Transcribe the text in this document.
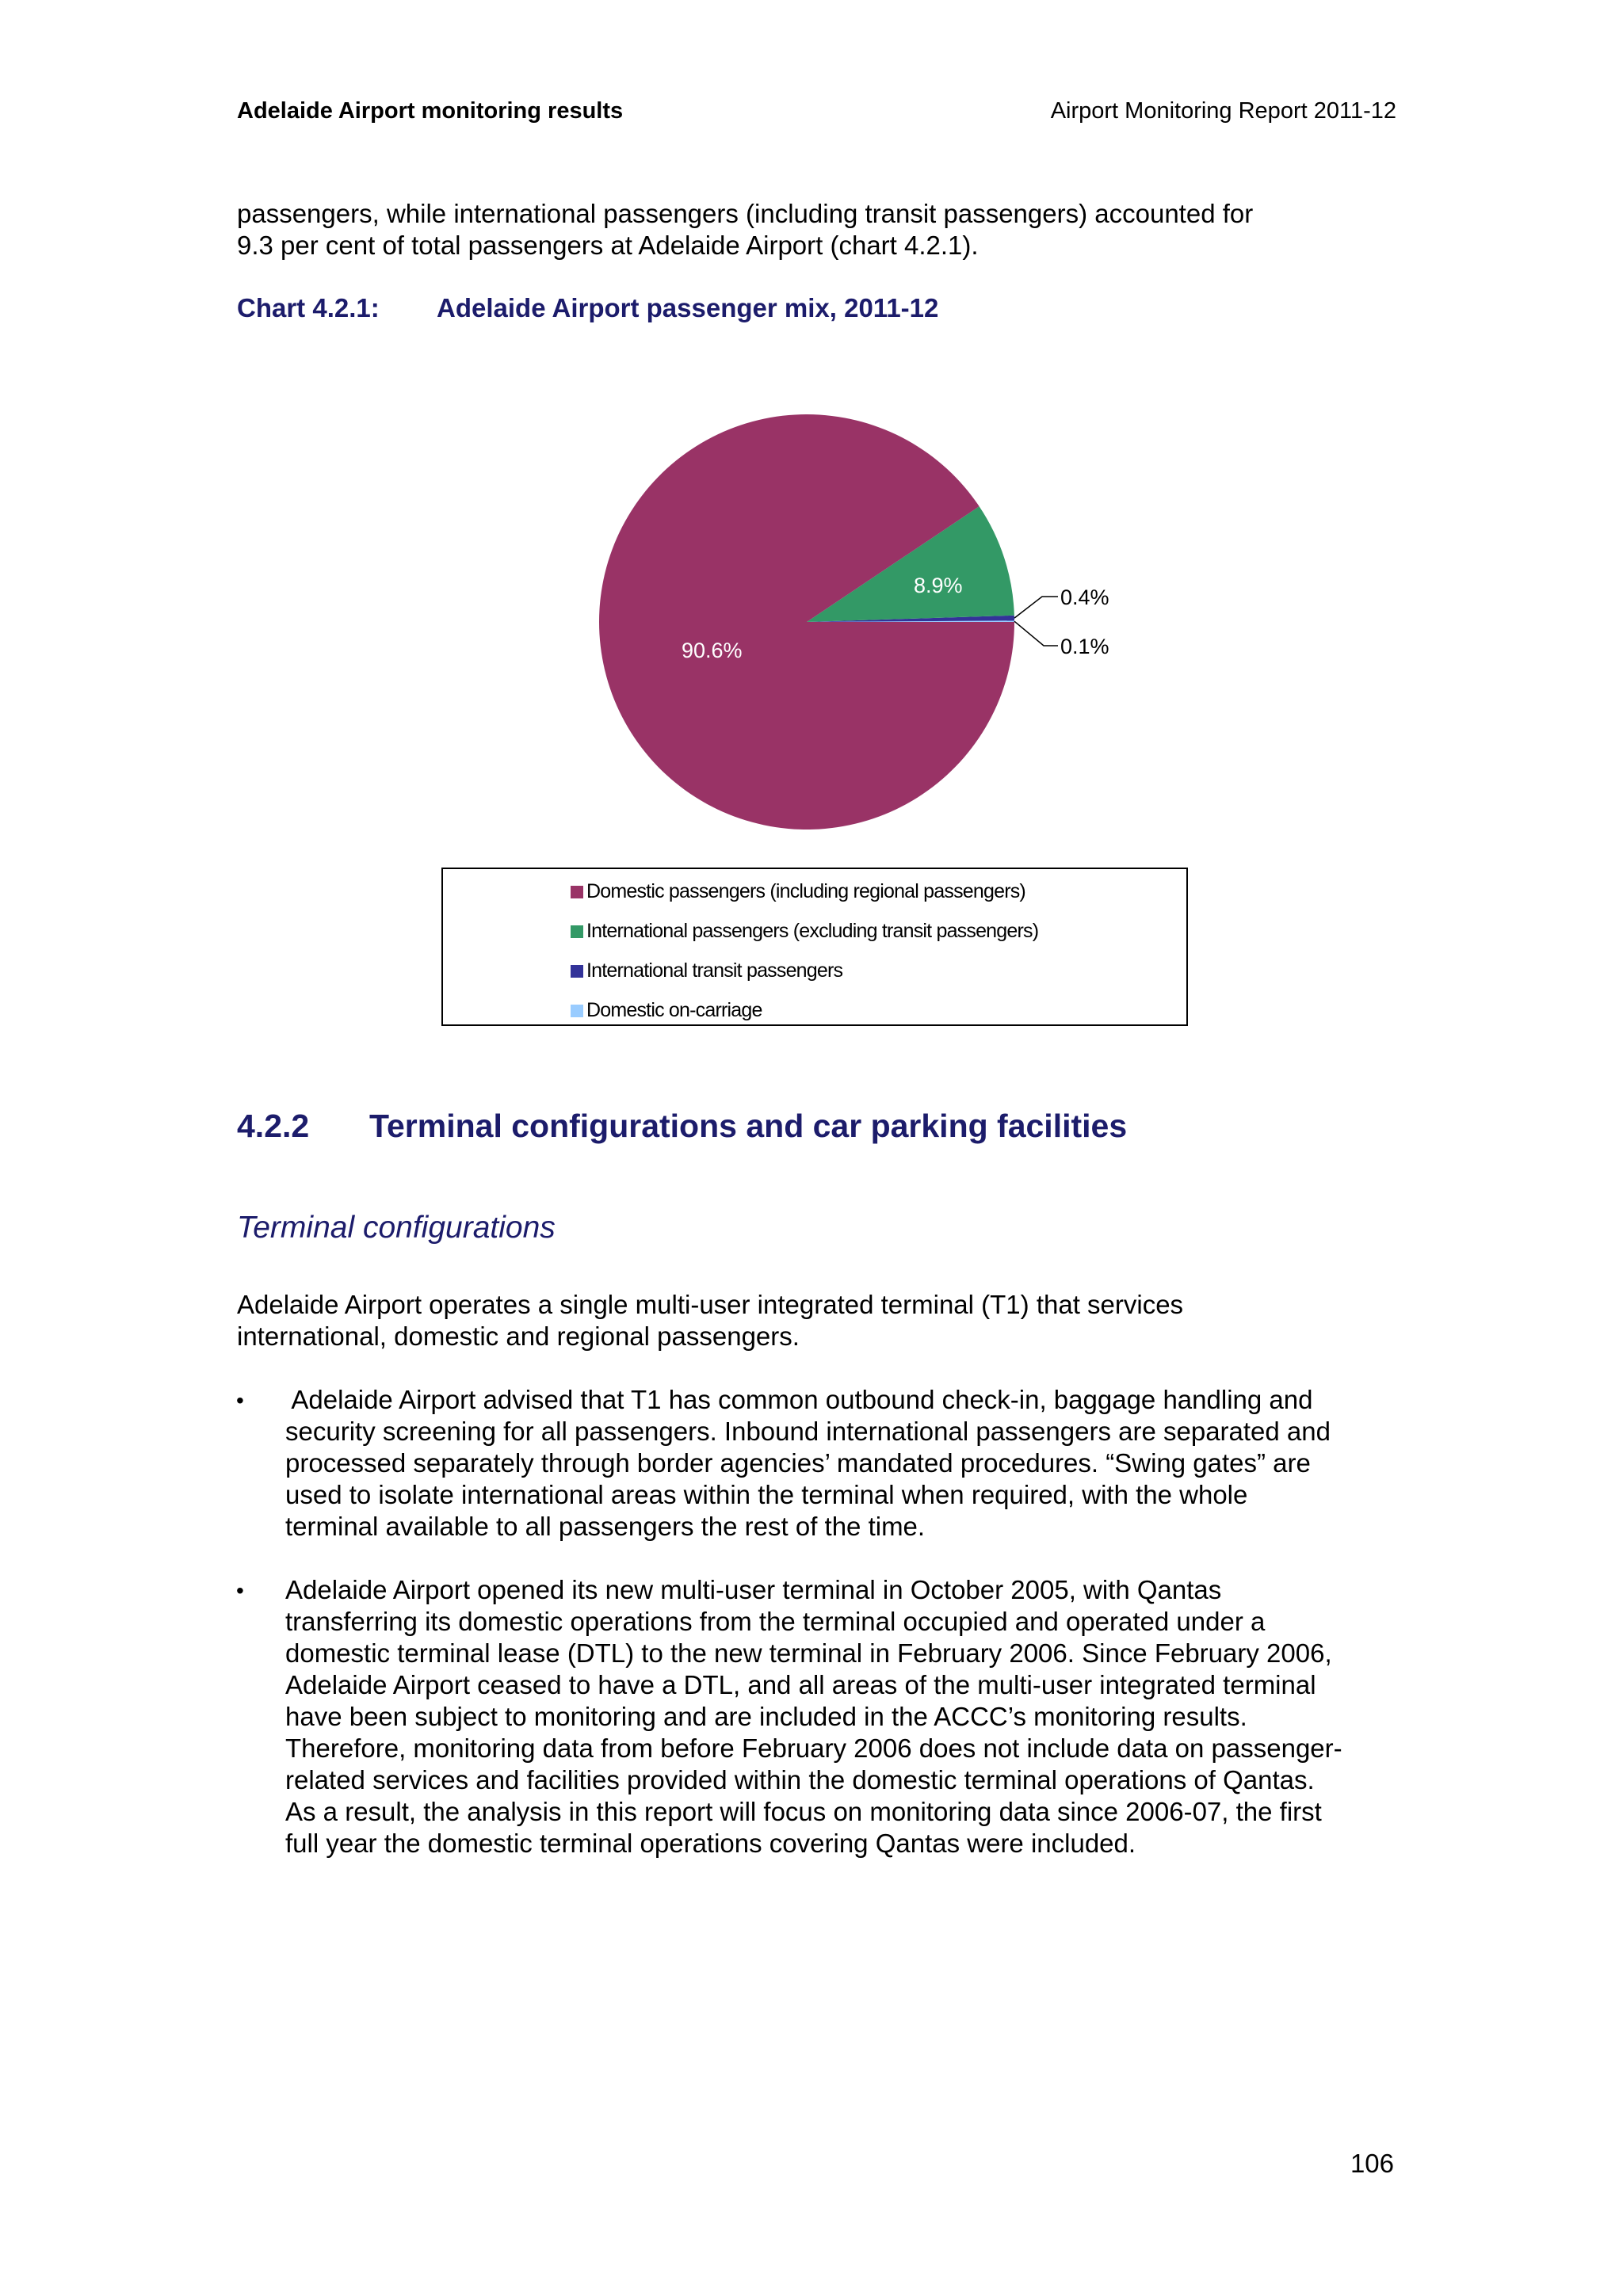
Adelaide Airport monitoring results	Airport Monitoring Report 2011-12

passengers, while international passengers (including transit passengers) accounted for

9.3 per cent of total passengers at Adelaide Airport (chart 4.2.1).

Chart 4.2.1: Adelaide Airport passenger mix, 2011-12
90.6%
8.9%	0.4%
0.1%
Domestic passengers (including regional passengers)
International passengers (excluding transit passengers)
International transit passengers
Domestic on-carriage
4.2.2 Terminal configurations and car parking facilities
Terminal configurations

Adelaide Airport operates a single multi-user integrated terminal (T1) that services

international, domestic and regional passengers.

• Adelaide Airport advised that T1 has common outbound check-in, baggage handling and

security screening for all passengers. Inbound international passengers are separated and

processed separately through border agencies’ mandated procedures. “Swing gates” are

used to isolate international areas within the terminal when required, with the whole

terminal available to all passengers the rest of the time.

• Adelaide Airport opened its new multi-user terminal in October 2005, with Qantas

transferring its domestic operations from the terminal occupied and operated under a

domestic terminal lease (DTL) to the new terminal in February 2006. Since February 2006,

Adelaide Airport ceased to have a DTL, and all areas of the multi-user integrated terminal

have been subject to monitoring and are included in the ACCC’s monitoring results.

Therefore, monitoring data from before February 2006 does not include data on passenger-

related services and facilities provided within the domestic terminal operations of Qantas.

As a result, the analysis in this report will focus on monitoring data since 2006-07, the first

full year the domestic terminal operations covering Qantas were included.

106
